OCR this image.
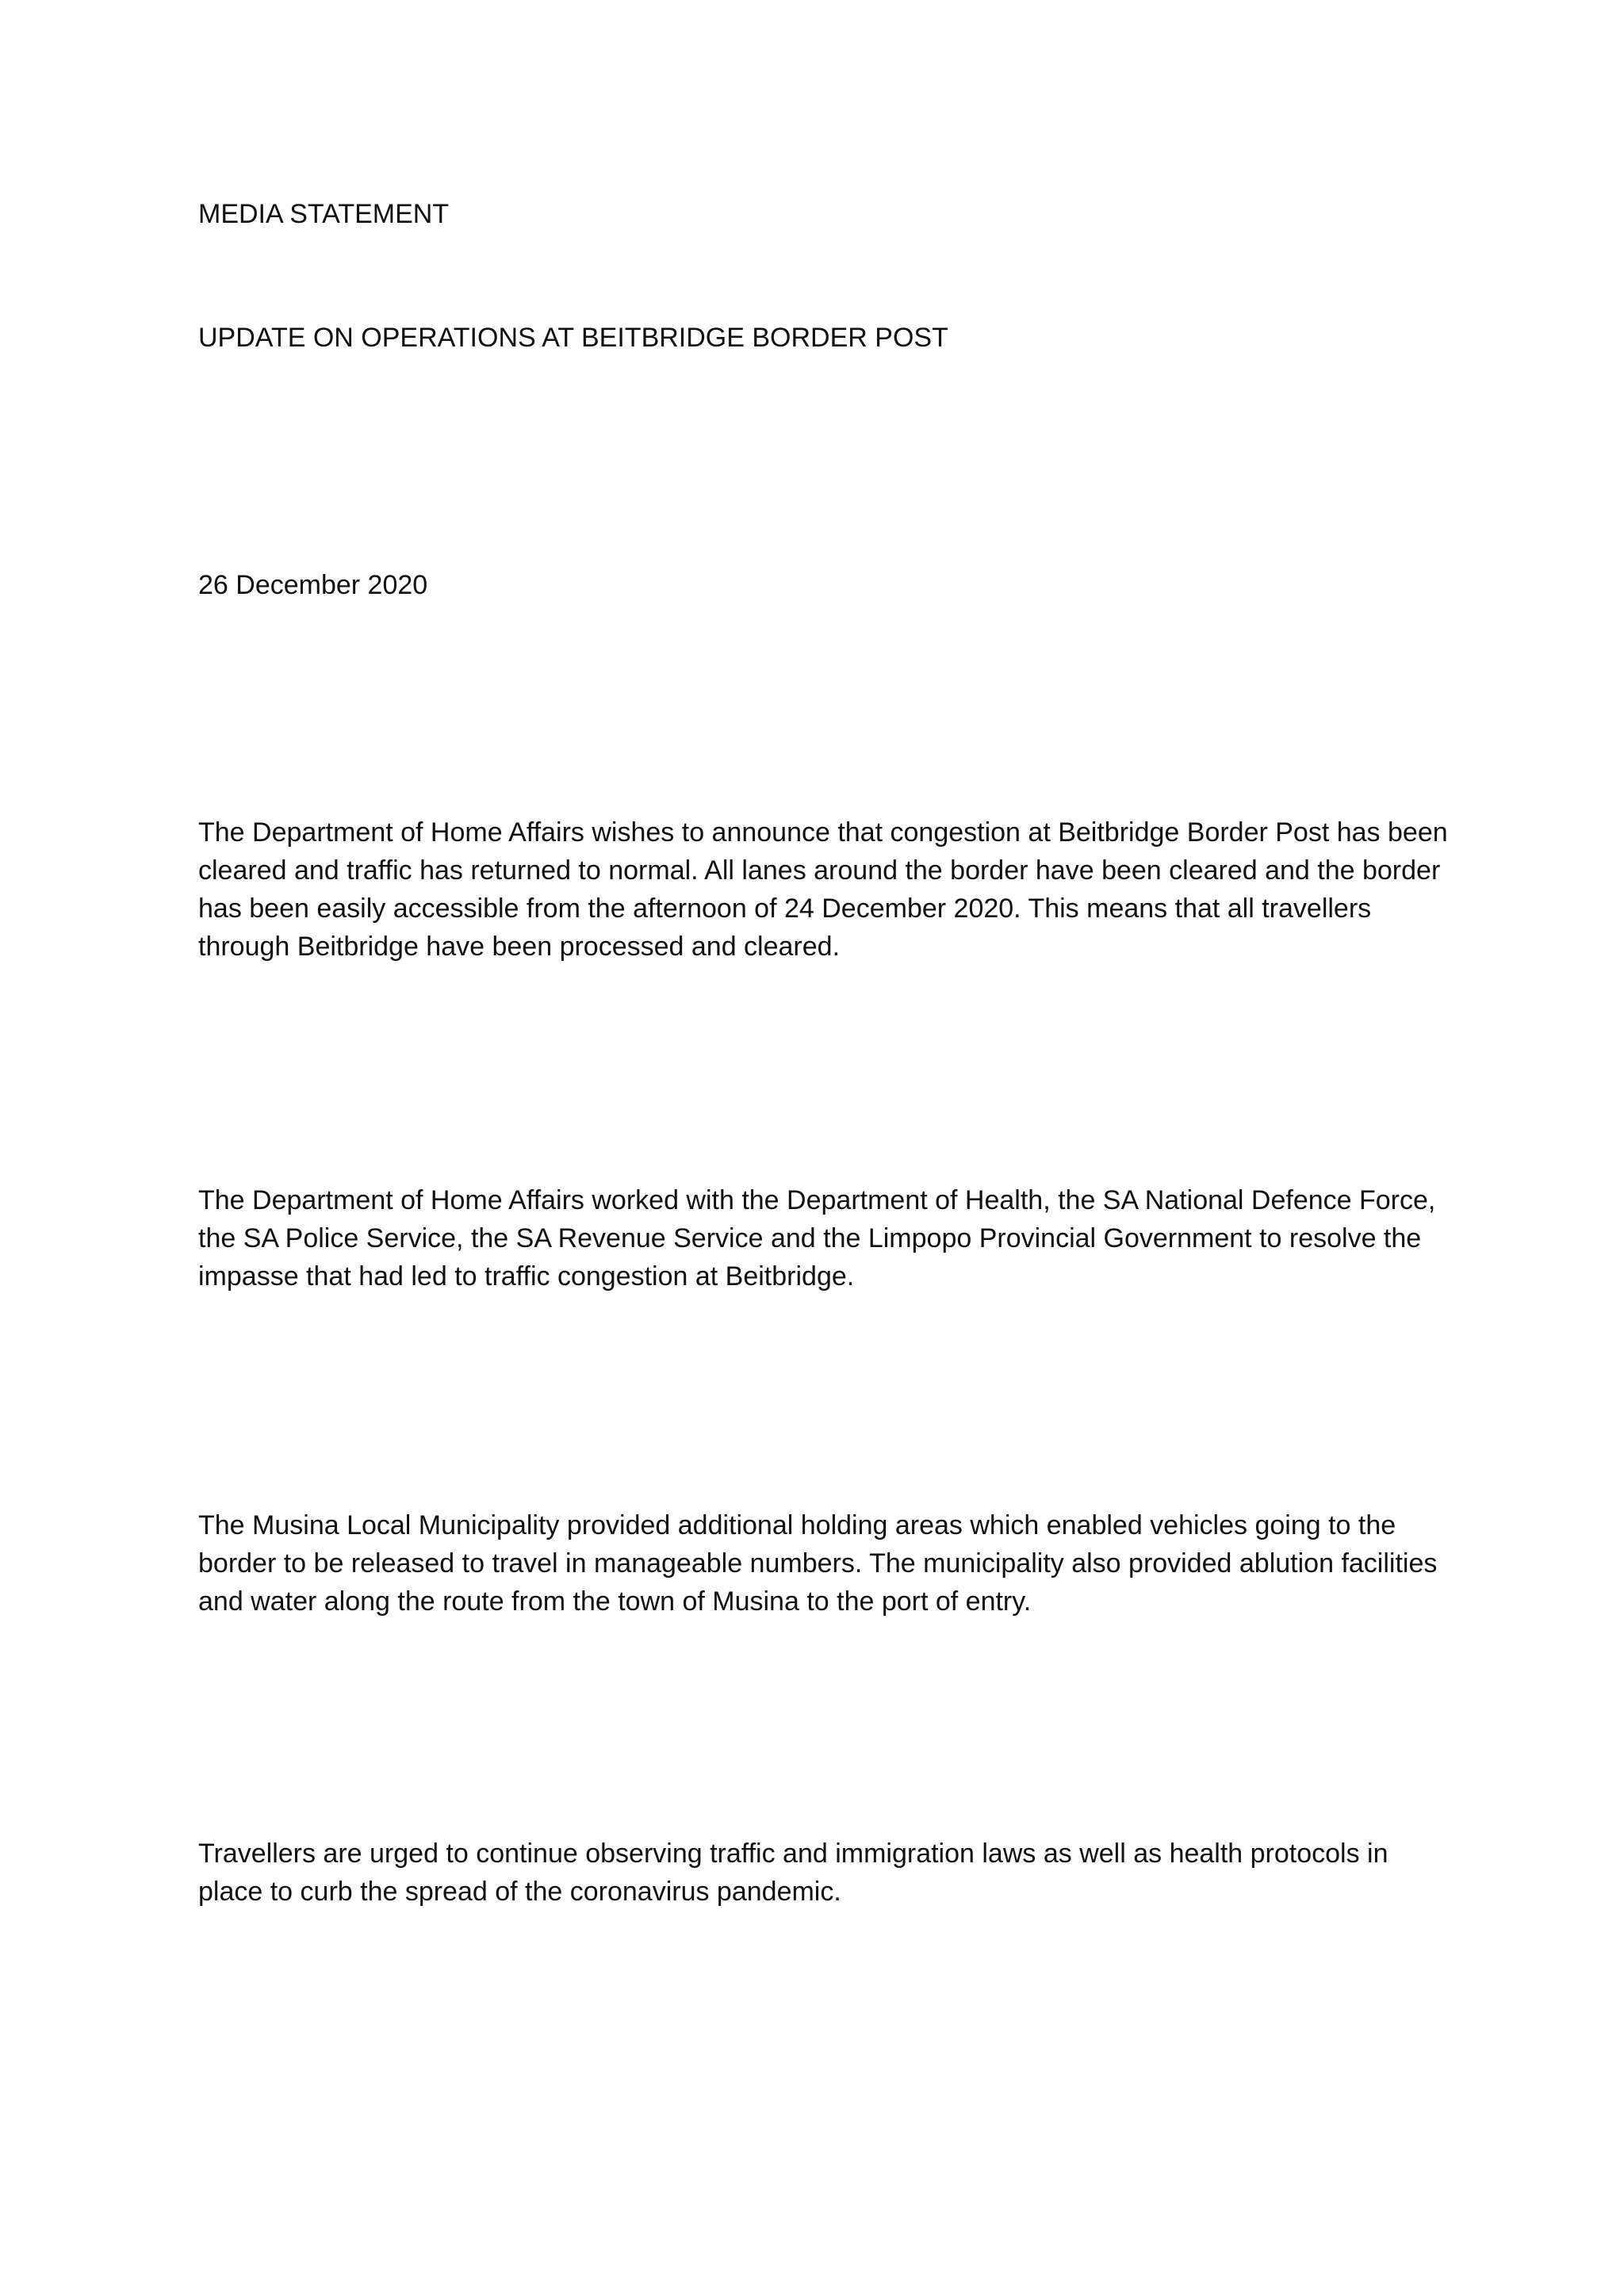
MEDIA STATEMENT

UPDATE ON OPERATIONS AT BEITBRIDGE BORDER POST

26 December 2020

The Department of Home Affairs wishes to announce that congestion at Beitbridge Border Post has been cleared and traffic has returned to normal. All lanes around the border have been cleared and the border has been easily accessible from the afternoon of 24 December 2020. This means that all travellers through Beitbridge have been processed and cleared.

The Department of Home Affairs worked with the Department of Health, the SA National Defence Force, the SA Police Service, the SA Revenue Service and the Limpopo Provincial Government to resolve the impasse that had led to traffic congestion at Beitbridge.

The Musina Local Municipality provided additional holding areas which enabled vehicles going to the border to be released to travel in manageable numbers. The municipality also provided ablution facilities and water along the route from the town of Musina to the port of entry.

Travellers are urged to continue observing traffic and immigration laws as well as health protocols in place to curb the spread of the coronavirus pandemic.
